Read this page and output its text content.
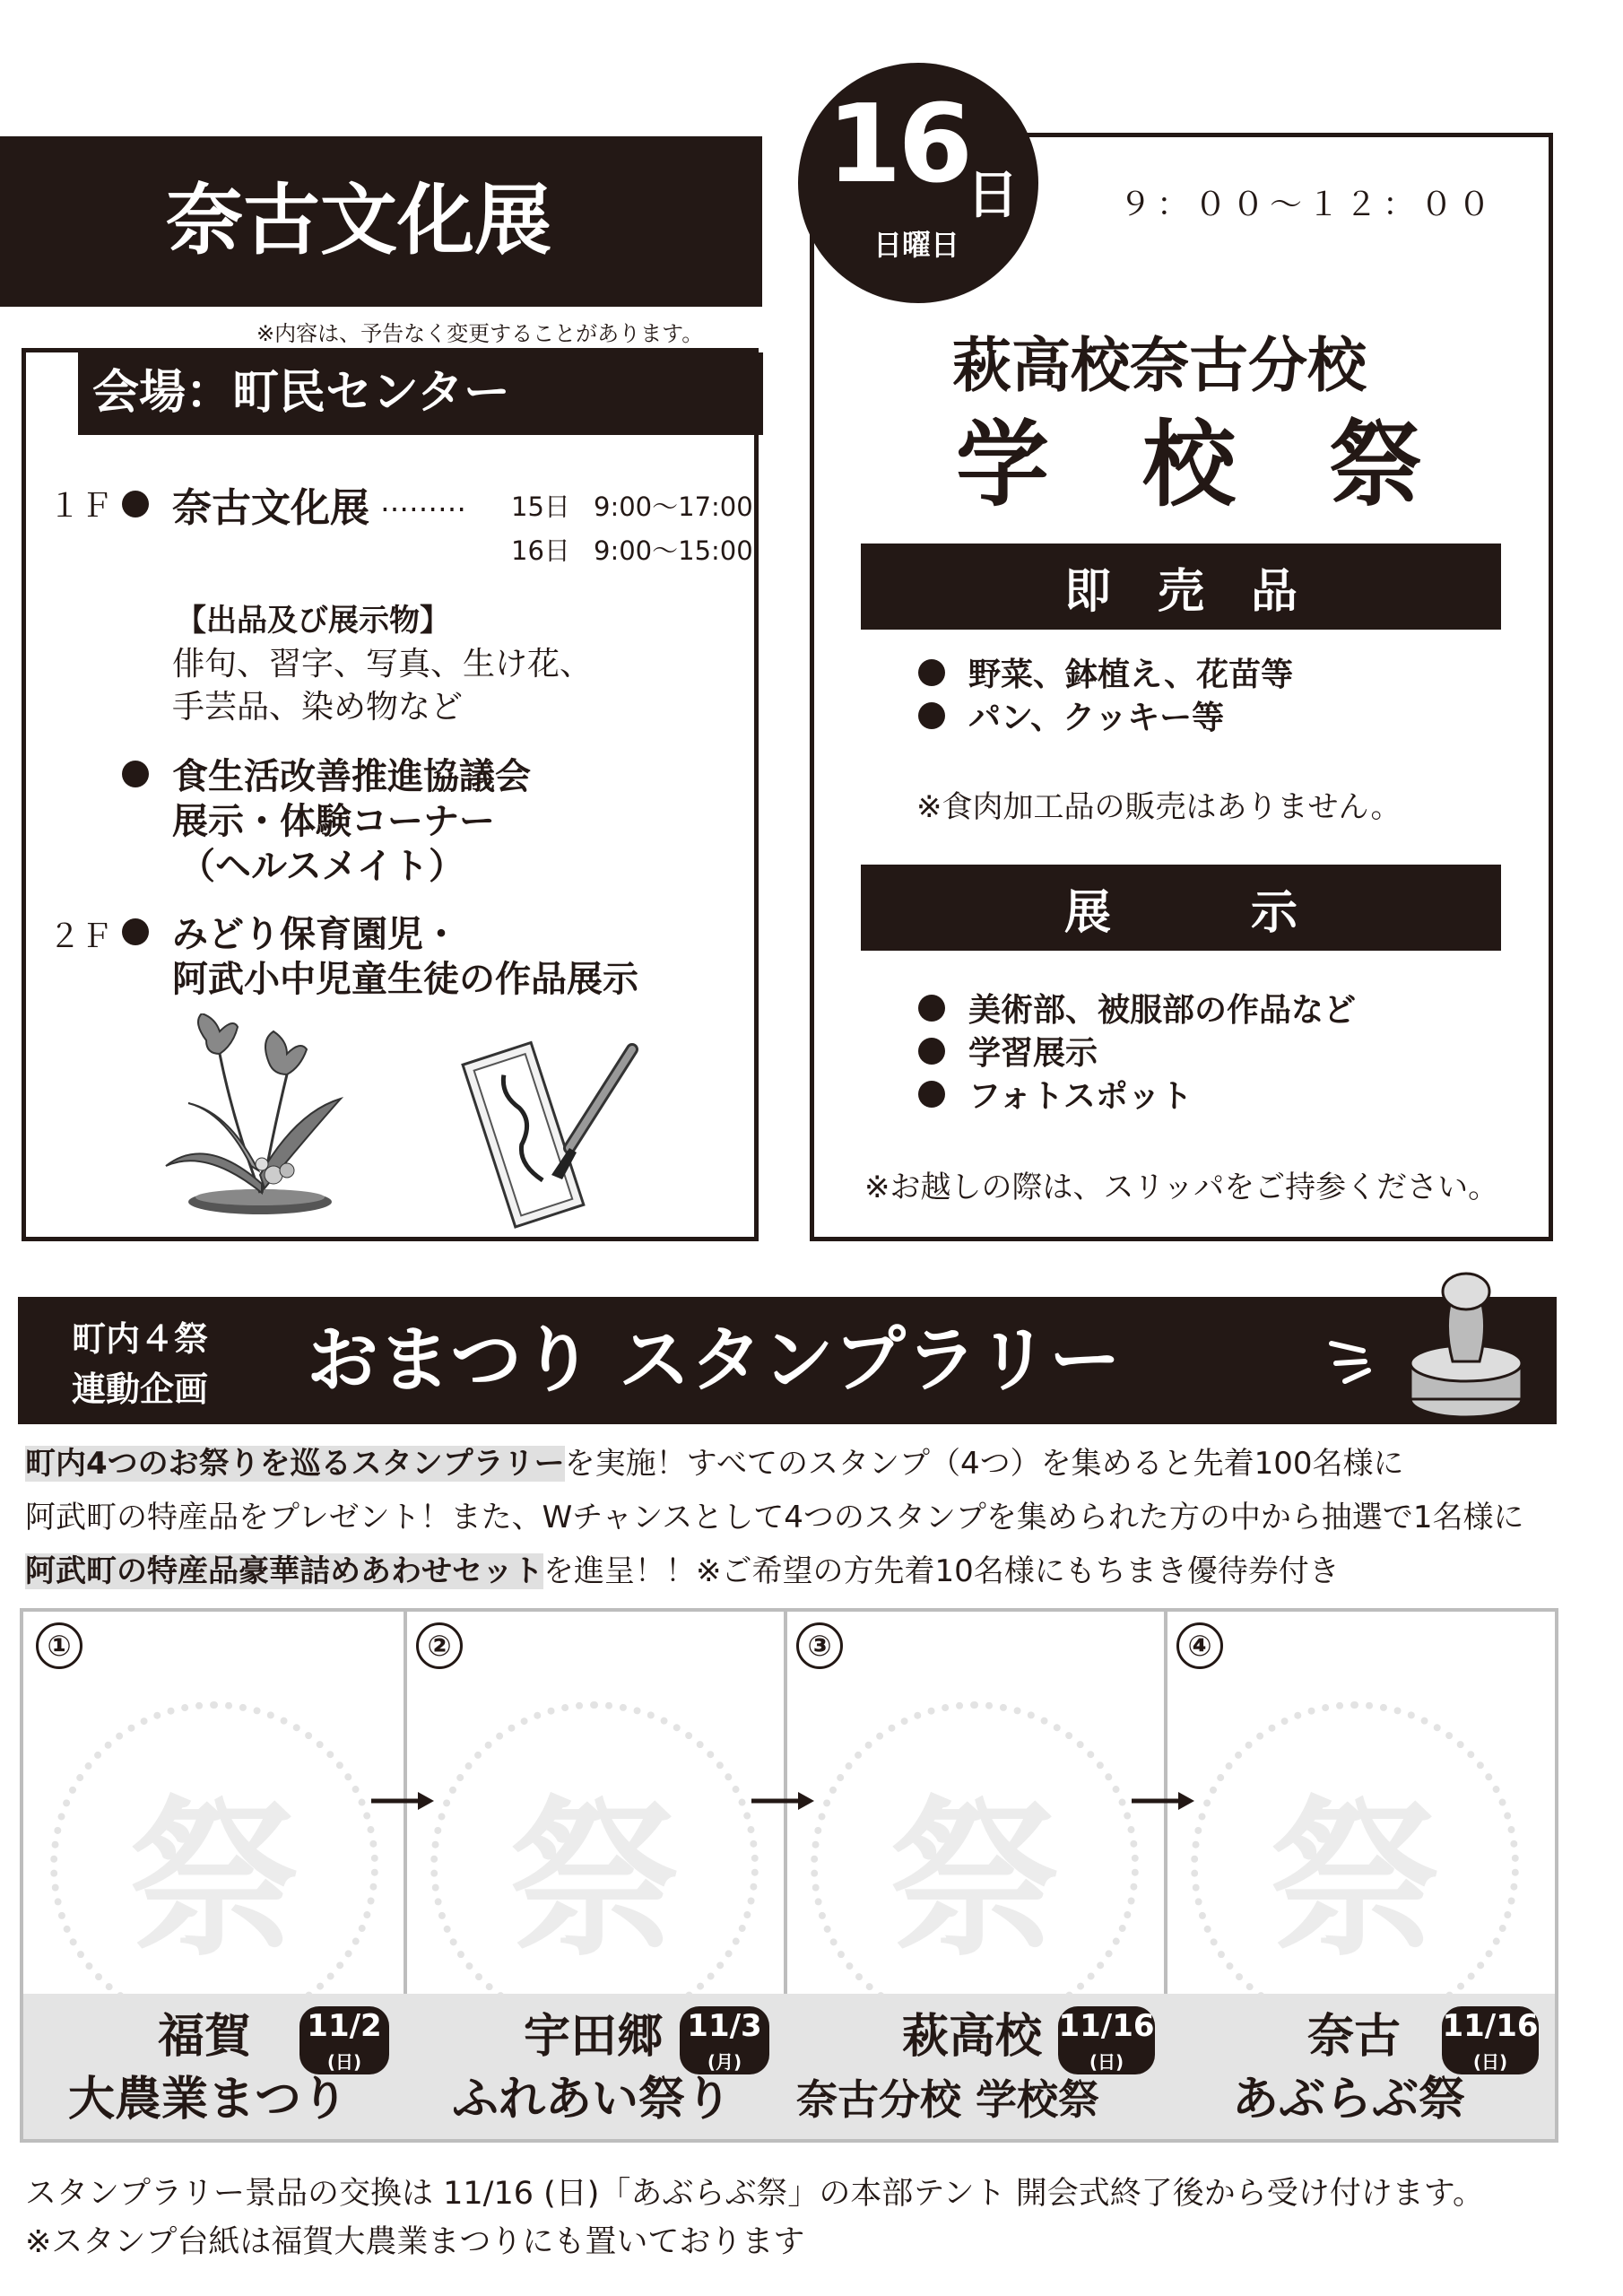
奈古文化展
※内容は、予告なく変更することがあります。
会場：町民センター
１Ｆ 奈古文化展 ……… 15日 9:00〜17:00
16日 9:00〜15:00
【出品及び展示物】
俳句、習字、写真、生け花、
手芸品、染め物など
食生活改善推進協議会
展示・体験コーナー
（ヘルスメイト）
２Ｆ みどり保育園児・
阿武小中児童生徒の作品展示
16
日
日曜日
９：００〜１２：００
萩高校奈古分校
学　校　祭
即　売　品
野菜、鉢植え、花苗等
パン、クッキー等
※食肉加工品の販売はありません。
展　　　示
美術部、被服部の作品など
学習展示
フォトスポット
※お越しの際は、スリッパをご持参ください。
町内４祭
連動企画 おまつり スタンプラリー
町内4つのお祭りを巡るスタンプラリーを実施！すべてのスタンプ（4つ）を集めると先着100名様に
阿武町の特産品をプレゼント！また、Wチャンスとして4つのスタンプを集められた方の中から抽選で1名様に
阿武町の特産品豪華詰めあわせセットを進呈！！※ご希望の方先着10名様にもちまき優待券付き
①
祭
福賀 11/2
(日)
大農業まつり
②
祭
宇田郷 11/3
(月)
ふれあい祭り
③
祭
萩高校 11/16
(日)
奈古分校 学校祭
④
祭
奈古 11/16
(日)
あぶらぶ祭
スタンプラリー景品の交換は 11/16 (日)「あぶらぶ祭」の本部テント 開会式終了後から受け付けます。
※スタンプ台紙は福賀大農業まつりにも置いております
